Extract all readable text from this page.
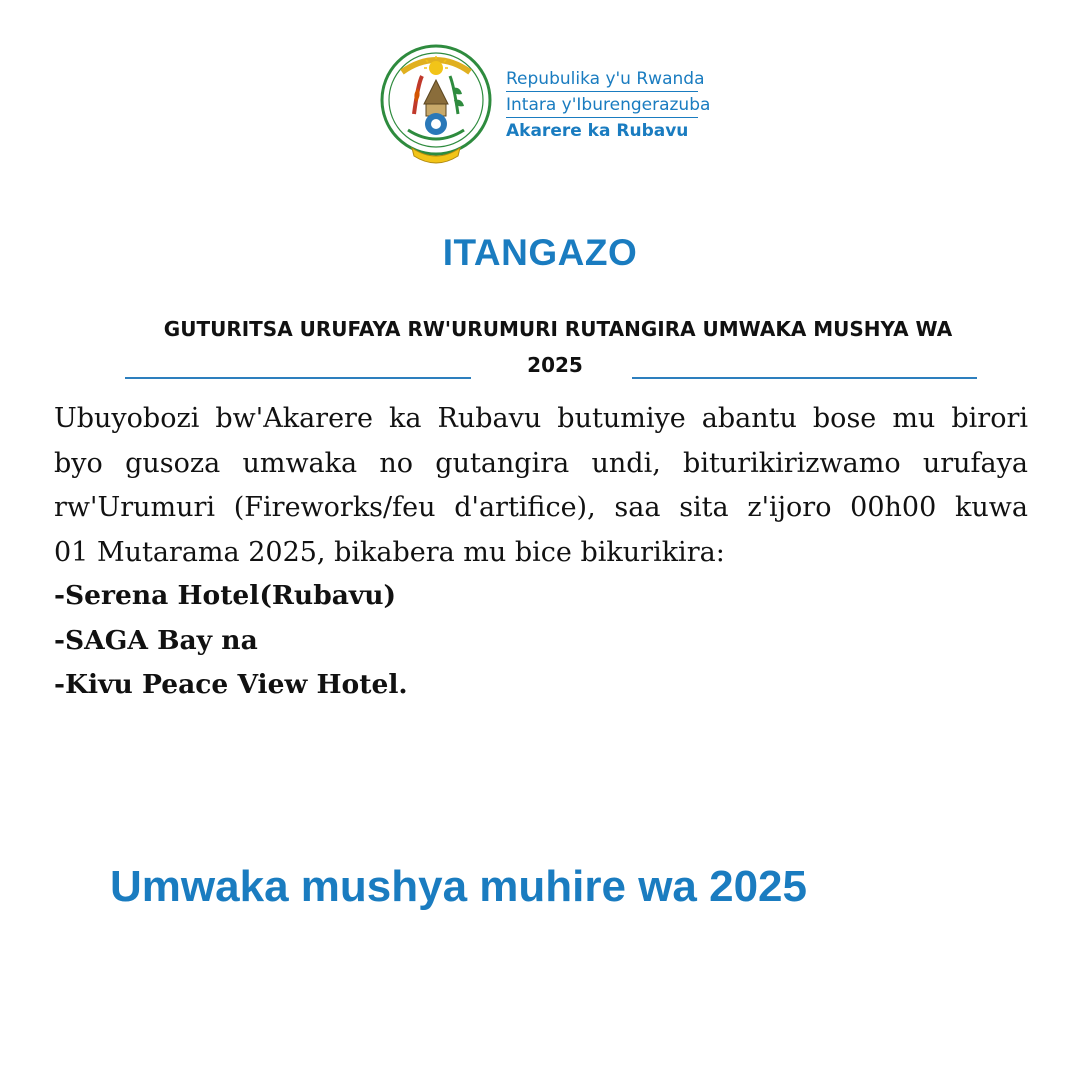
Repubulika y'u Rwanda
Intara y'Iburengerazuba
Akarere ka Rubavu
ITANGAZO
GUTURITSA URUFAYA RW'URUMURI RUTANGIRA UMWAKA MUSHYA WA
2025
Ubuyobozi bw'Akarere ka Rubavu butumiye abantu bose mu birori
byo gusoza umwaka no gutangira undi, biturikirizwamo urufaya
rw'Urumuri (Fireworks/feu d'artifice), saa sita z'ijoro 00h00 kuwa
01 Mutarama 2025, bikabera mu bice bikurikira:
-Serena Hotel(Rubavu)
-SAGA Bay na
-Kivu Peace View Hotel.
Umwaka mushya muhire wa 2025
